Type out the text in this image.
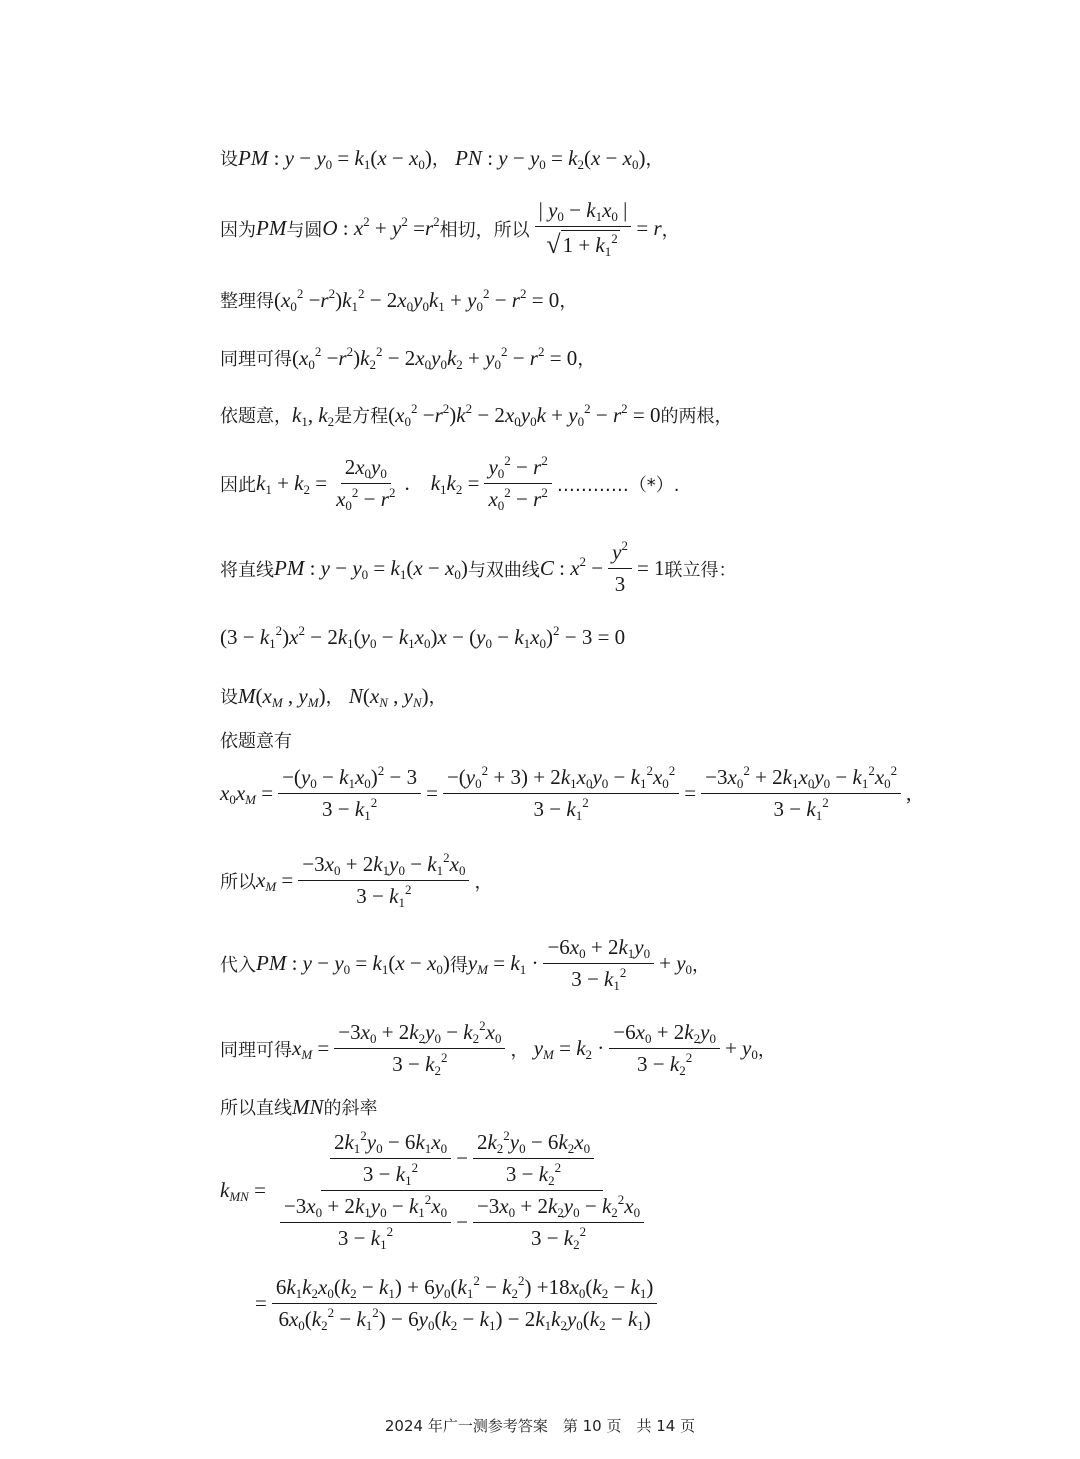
设 PM : $y - y_0 = k_1(x - x_0)$ ， PN : $y - y_0 = k_2(x - x_0)$ ，
因为 PM 与圆 O : $x^2 + y^2 =r^2$ 相切，所以 $\frac{| y_0 - k_1x_0 |}{√ 1 + k_1^2} = r$ ，
整理得 $(x_0^2 -r^2)k_1^2 - 2x_0y_0k_1 + y_0^2 - r^2 = 0$ ，
同理可得 $(x_0^2 -r^2)k_2^2 - 2x_0y_0k_2 + y_0^2 - r^2 = 0$ ，
依题意， $k_1$, $k_2$ 是方程 $(x_0^2 -r^2)k^2 - 2x_0y_0k + y_0^2 - r^2 = 0$ 的两根，
因此 $k_1 + k_2 = \frac{2x_0y_0}{x_0^2 - r^2}$ .	$k_1k_2 = \frac{y_0^2 - r^2}{x_0^2 - r^2}$ …………（*）.
将直线 PM : $y - y_0 = k_1(x - x_0)$ 与双曲线 C : $x^2 - \frac{y^2}{3} = 1$ 联立得：
$(3 - k_1^2)x^2 - 2k_1(y_0 - k_1x_0)x - (y_0 - k_1x_0)^2 - 3 = 0$
设 $M(x_M$ , $y_M$) ， $N(x_N$ , $y_N$) ，
依题意有
$x_0x_M = \frac{-(y_0 - k_1x_0)^2 - 3}{3 - k_1^2} = \frac{-(y_0^2 + 3) + 2k_1x_0y_0 - k_1^2x_0^2}{3 - k_1^2} = \frac{-3x_0^2 + 2k_1x_0y_0 - k_1^2x_0^2}{3 - k_1^2}$ ,
所以 $x_M = \frac{-3x_0 + 2k_1y_0 - k_1^2x_0}{3 - k_1^2}$ ，
代入 PM : $y - y_0 = k_1(x - x_0)$ 得 $y_M = k_1 \cdot \frac{-6x_0 + 2k_1y_0}{3 - k_1^2} + y_0$ ，
同理可得 $x_M = \frac{-3x_0 + 2k_2y_0 - k_2^2x_0}{3 - k_2^2}$ ， $y_M = k_2 \cdot \frac{-6x_0 + 2k_2y_0}{3 - k_2^2} + y_0$ ，
所以直线 MN 的斜率
$k_{MN}$ =
$\frac{2k_1^2y_0 - 6k_1x_0}{3 - k_1^2} - \frac{2k_2^2y_0 - 6k_2x_0}{3 - k_2^2}$
$\frac{-3x_0 + 2k_1y_0 - k_1^2x_0}{3 - k_1^2} - \frac{-3x_0 + 2k_2y_0 - k_2^2x_0}{3 - k_2^2}$
= $\frac{6k_1k_2x_0(k_2 - k_1) + 6y_0(k_1^2 - k_2^2) +18x_0(k_2 - k_1)}{6x_0(k_2^2 - k_1^2) - 6y_0(k_2 - k_1) - 2k_1k_2y_0(k_2 - k_1)}$
2024 年广一测参考答案　第 10 页　共 14 页
